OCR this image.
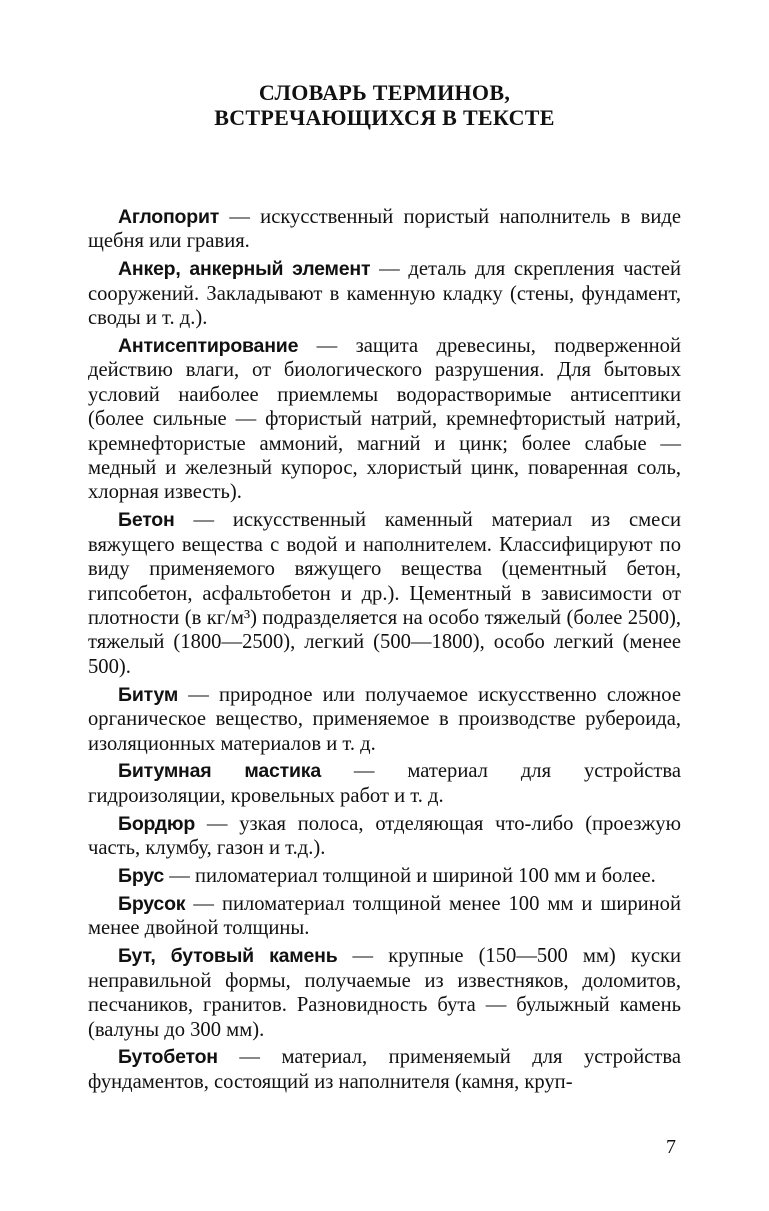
СЛОВАРЬ ТЕРМИНОВ,
ВСТРЕЧАЮЩИХСЯ В ТЕКСТЕ

Аглопорит — искусственный пористый наполнитель в виде щебня или гравия.

Анкер, анкерный элемент — деталь для скрепления частей сооружений. Закладывают в каменную кладку (стены, фундамент, своды и т. д.).

Антисептирование — защита древесины, подверженной действию влаги, от биологического разрушения. Для бытовых условий наиболее приемлемы водорастворимые антисептики (более сильные — фтористый натрий, кремнефтористый натрий, кремнефтористые аммоний, магний и цинк; более слабые — медный и железный купорос, хлористый цинк, поваренная соль, хлорная известь).

Бетон — искусственный каменный материал из смеси вяжущего вещества с водой и наполнителем. Классифицируют по виду применяемого вяжущего вещества (цементный бетон, гипсобетон, асфальтобетон и др.). Цементный в зависимости от плотности (в кг/м³) подразделяется на особо тяжелый (более 2500), тяжелый (1800—2500), легкий (500—1800), особо легкий (менее 500).

Битум — природное или получаемое искусственно сложное органическое вещество, применяемое в производстве рубероида, изоляционных материалов и т. д.

Битумная мастика — материал для устройства гидроизоляции, кровельных работ и т. д.

Бордюр — узкая полоса, отделяющая что-либо (проезжую часть, клумбу, газон и т.д.).

Брус — пиломатериал толщиной и шириной 100 мм и более.

Брусок — пиломатериал толщиной менее 100 мм и шириной менее двойной толщины.

Бут, бутовый камень — крупные (150—500 мм) куски неправильной формы, получаемые из известняков, доломитов, песчаников, гранитов. Разновидность бута — булыжный камень (валуны до 300 мм).

Бутобетон — материал, применяемый для устройства фундаментов, состоящий из наполнителя (камня, круп-

7
